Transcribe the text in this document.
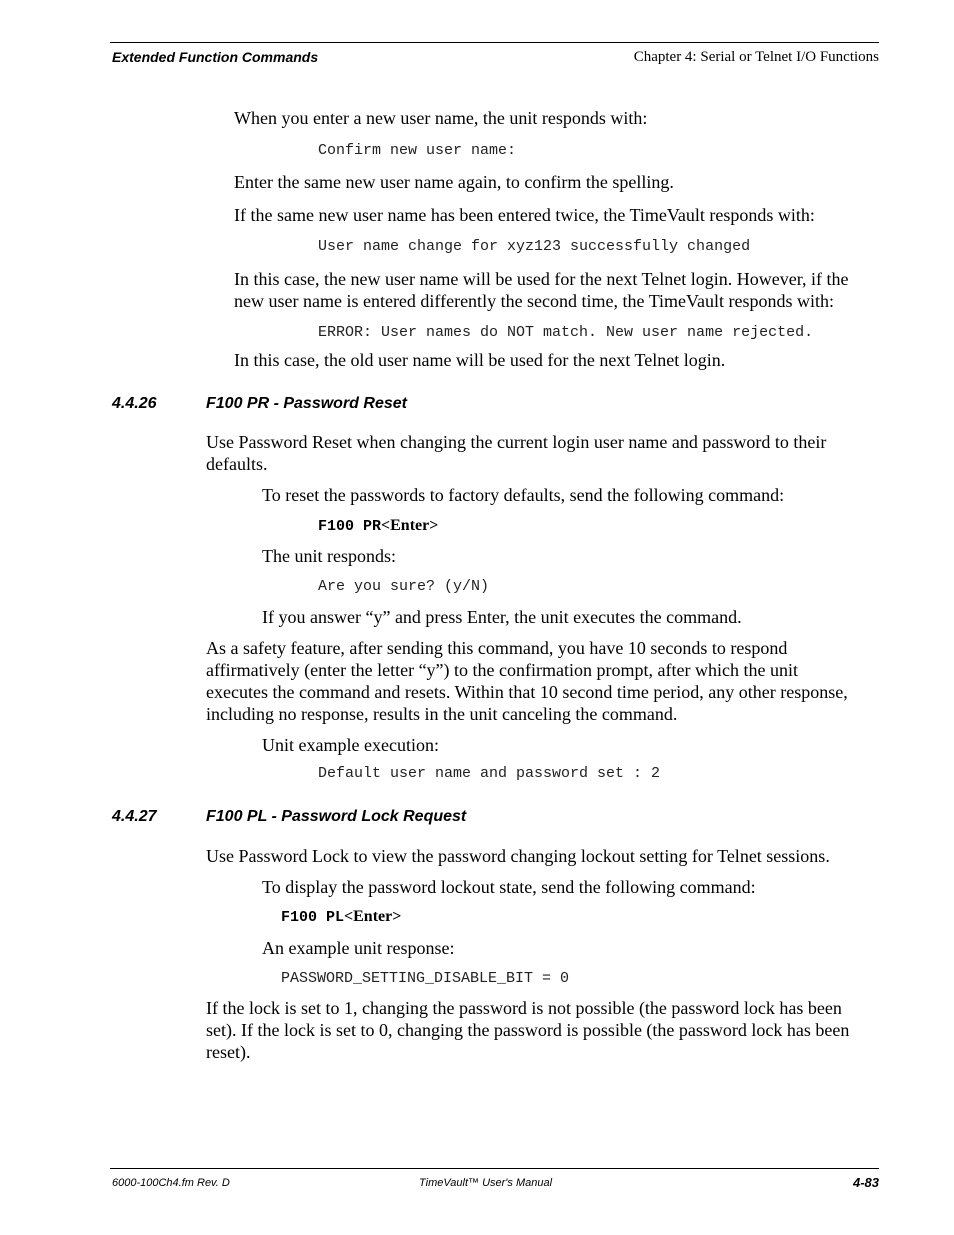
Extended Function Commands	Chapter 4: Serial or Telnet I/O Functions
When you enter a new user name, the unit responds with:
Confirm new user name:
Enter the same new user name again, to confirm the spelling.
If the same new user name has been entered twice, the TimeVault responds with:
User name change for xyz123 successfully changed
In this case, the new user name will be used for the next Telnet login. However, if the
new user name is entered differently the second time, the TimeVault responds with:
ERROR: User names do NOT match. New user name rejected.
In this case, the old user name will be used for the next Telnet login.
4.4.26	F100 PR - Password Reset
Use Password Reset when changing the current login user name and password to their
defaults.
To reset the passwords to factory defaults, send the following command:
F100 PR<Enter>
The unit responds:
Are you sure? (y/N)
If you answer “y” and press Enter, the unit executes the command.
As a safety feature, after sending this command, you have 10 seconds to respond
affirmatively (enter the letter “y”) to the confirmation prompt, after which the unit
executes the command and resets. Within that 10 second time period, any other response,
including no response, results in the unit canceling the command.
Unit example execution:
Default user name and password set : 2
4.4.27	F100 PL - Password Lock Request
Use Password Lock to view the password changing lockout setting for Telnet sessions.
To display the password lockout state, send the following command:
F100 PL<Enter>
An example unit response:
PASSWORD_SETTING_DISABLE_BIT = 0
If the lock is set to 1, changing the password is not possible (the password lock has been
set). If the lock is set to 0, changing the password is possible (the password lock has been
reset).
6000-100Ch4.fm Rev. D	TimeVault™ User's Manual	4-83
